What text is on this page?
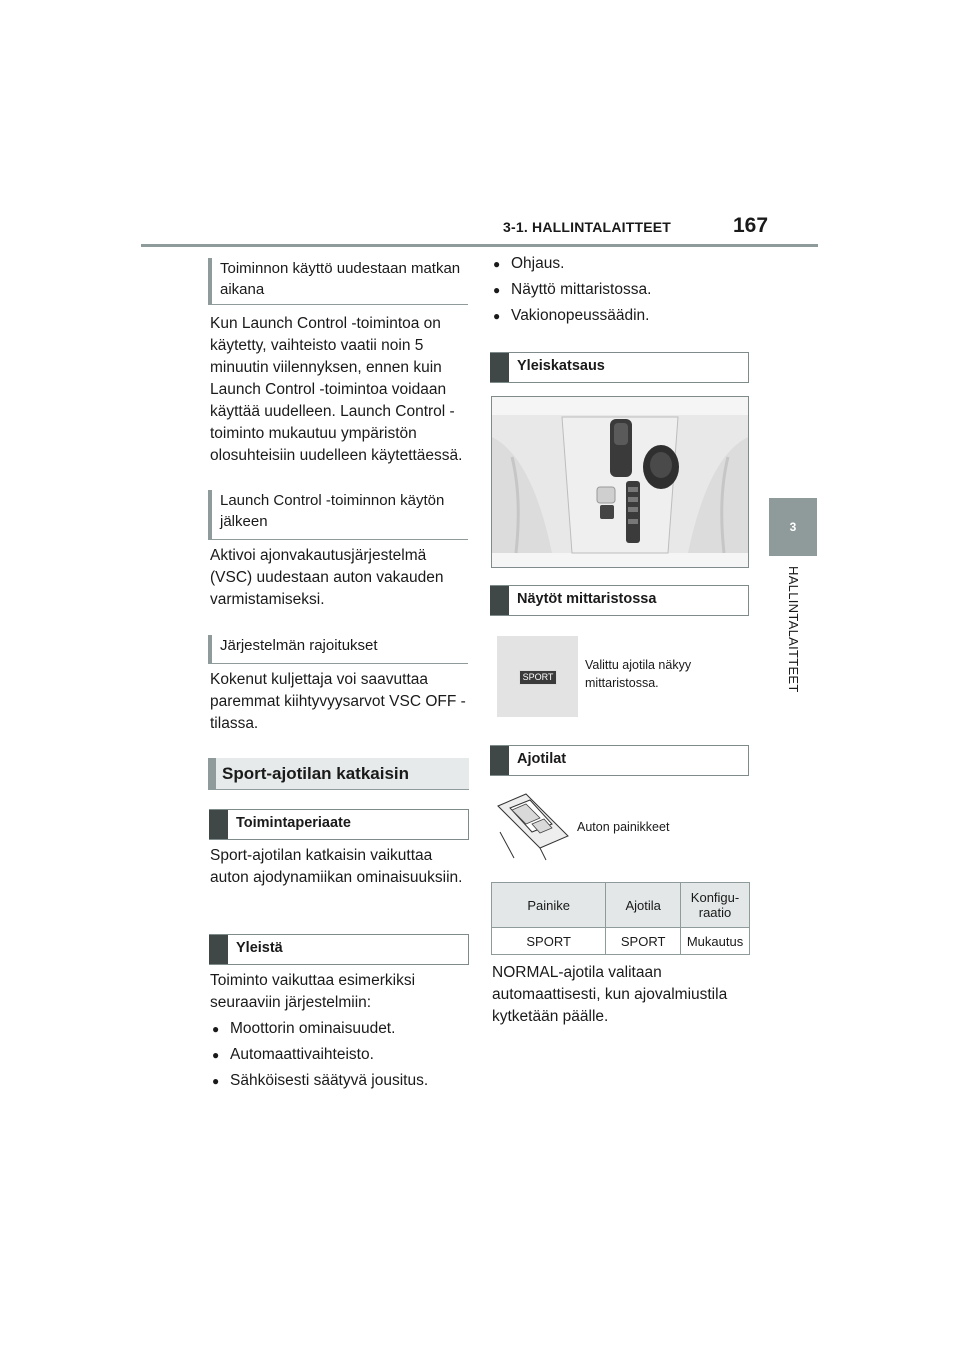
3-1. HALLINTALAITTEET	167
3
HALLINTALAITTEET
Toiminnon käyttö uudestaan matkan aikana

Kun Launch Control -toimintoa on käytetty, vaihteisto vaatii noin 5 minuutin viilennyksen, ennen kuin Launch Control -toimintoa voidaan käyttää uudelleen. Launch Control -toiminto mukautuu ympäristön olosuhteisiin uudelleen käytettäessä.

Launch Control -toiminnon käytön jälkeen

Aktivoi ajonvakautusjärjestelmä (VSC) uudestaan auton vakauden varmistamiseksi.

Järjestelmän rajoitukset

Kokenut kuljettaja voi saavuttaa paremmat kiihtyvyysarvot VSC OFF -tilassa.

Sport-ajotilan katkaisin
Toimintaperiaate

Sport-ajotilan katkaisin vaikuttaa auton ajodynamiikan ominaisuuksiin.

Yleistä

Toiminto vaikuttaa esimerkiksi seuraaviin järjestelmiin:

● Moottorin ominaisuudet.
● Automaattivaihteisto.
● Sähköisesti säätyvä jousitus.
● Ohjaus.
● Näyttö mittaristossa.
● Vakionopeussäädin.
Yleiskatsaus
Näytöt mittaristossa
SPORT
Valittu ajotila näkyy mittaristossa.
Ajotilat
Auton painikkeet
Painike	Ajotila	Konfigu-raatio
SPORT	SPORT	Mukautus

NORMAL-ajotila valitaan automaattisesti, kun ajovalmiustila kytketään päälle.
